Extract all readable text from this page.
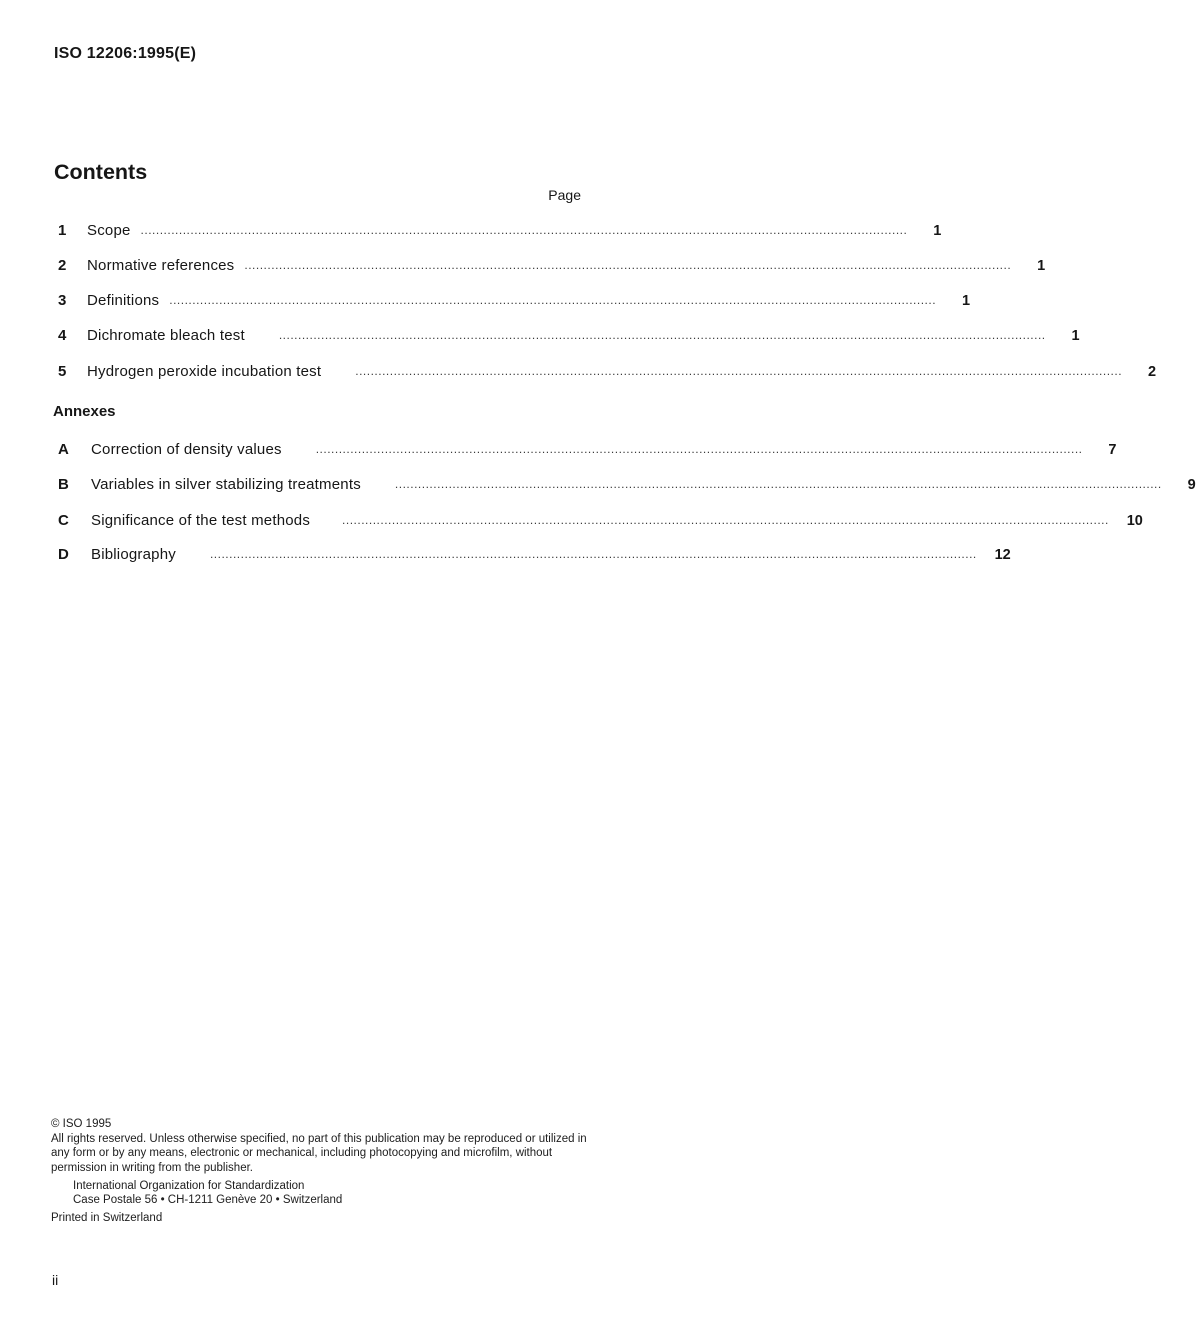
ISO 12206:1995(E)
Contents
Page
1	Scope ........................................................................................................................................................................................................	1
2	Normative references ........................................................................................................................................................................................................	1
3	Definitions ........................................................................................................................................................................................................	1
4	Dichromate bleach test	........................................................................................................................................................................................................	1
5	Hydrogen peroxide incubation test	........................................................................................................................................................................................................	2
Annexes
A	Correction of density values	........................................................................................................................................................................................................	7
B	Variables in silver stabilizing treatments	........................................................................................................................................................................................................	9
C	Significance of the test methods	........................................................................................................................................................................................................	10
D	Bibliography	........................................................................................................................................................................................................	12

© ISO 1995

All rights reserved. Unless otherwise specified, no part of this publication may be reproduced or utilized in any form or by any means, electronic or mechanical, including photocopying and microfilm, without permission in writing from the publisher.

International Organization for Standardization

Case Postale 56 • CH-1211 Genève 20 • Switzerland

Printed in Switzerland

ii
